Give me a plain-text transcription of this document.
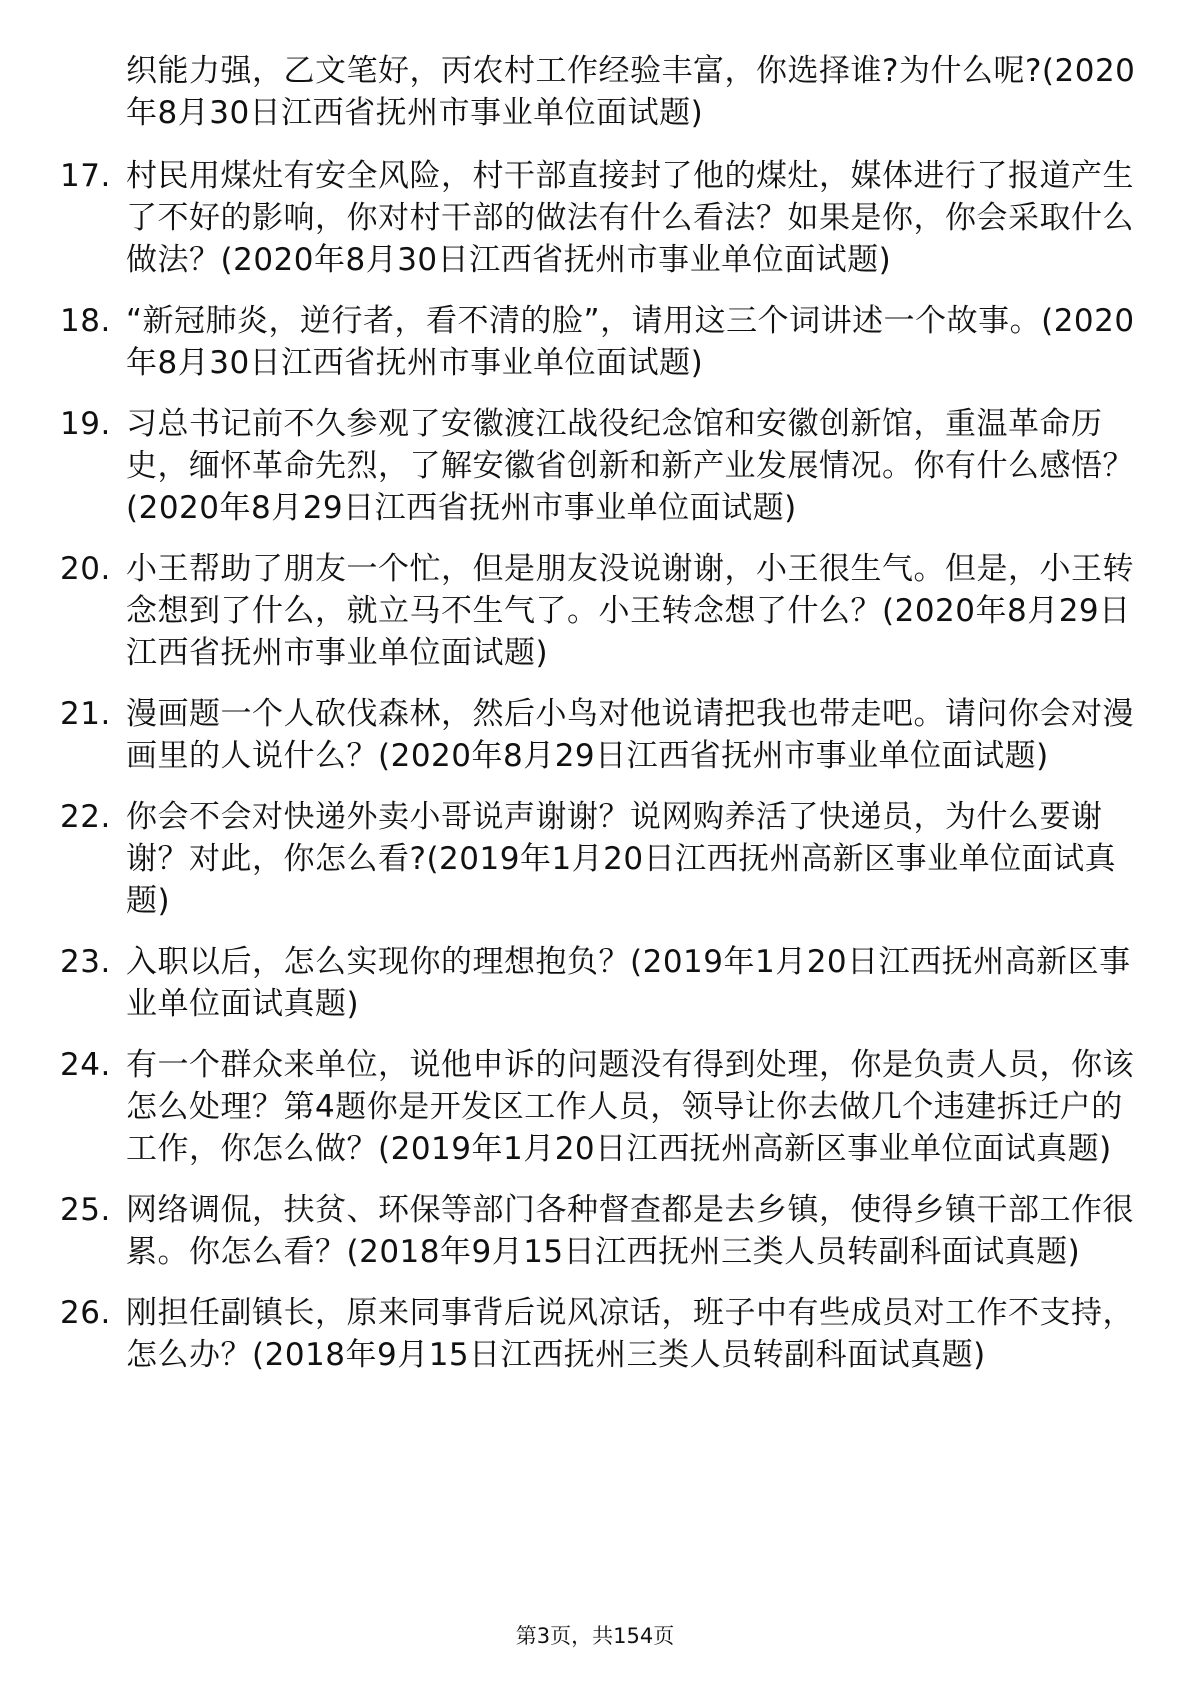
织能力强，乙文笔好，丙农村工作经验丰富，你选择谁?为什么呢?(2020年8月30日江西省抚州市事业单位面试题)
17. 村民用煤灶有安全风险，村干部直接封了他的煤灶，媒体进行了报道产生了不好的影响，你对村干部的做法有什么看法？如果是你，你会采取什么做法？(2020年8月30日江西省抚州市事业单位面试题)
18. “新冠肺炎，逆行者，看不清的脸”，请用这三个词讲述一个故事。(2020年8月30日江西省抚州市事业单位面试题)
19. 习总书记前不久参观了安徽渡江战役纪念馆和安徽创新馆，重温革命历史，缅怀革命先烈，了解安徽省创新和新产业发展情况。你有什么感悟？(2020年8月29日江西省抚州市事业单位面试题)
20. 小王帮助了朋友一个忙，但是朋友没说谢谢，小王很生气。但是，小王转念想到了什么，就立马不生气了。小王转念想了什么？(2020年8月29日江西省抚州市事业单位面试题)
21. 漫画题一个人砍伐森林，然后小鸟对他说请把我也带走吧。请问你会对漫画里的人说什么？(2020年8月29日江西省抚州市事业单位面试题)
22. 你会不会对快递外卖小哥说声谢谢？说网购养活了快递员，为什么要谢谢？对此，你怎么看?(2019年1月20日江西抚州高新区事业单位面试真题)
23. 入职以后，怎么实现你的理想抱负？(2019年1月20日江西抚州高新区事业单位面试真题)
24. 有一个群众来单位，说他申诉的问题没有得到处理，你是负责人员，你该怎么处理？第4题你是开发区工作人员，领导让你去做几个违建拆迁户的工作，你怎么做？(2019年1月20日江西抚州高新区事业单位面试真题)
25. 网络调侃，扶贫、环保等部门各种督查都是去乡镇，使得乡镇干部工作很累。你怎么看？(2018年9月15日江西抚州三类人员转副科面试真题)
26. 刚担任副镇长，原来同事背后说风凉话，班子中有些成员对工作不支持，怎么办？(2018年9月15日江西抚州三类人员转副科面试真题)
第3页，共154页
